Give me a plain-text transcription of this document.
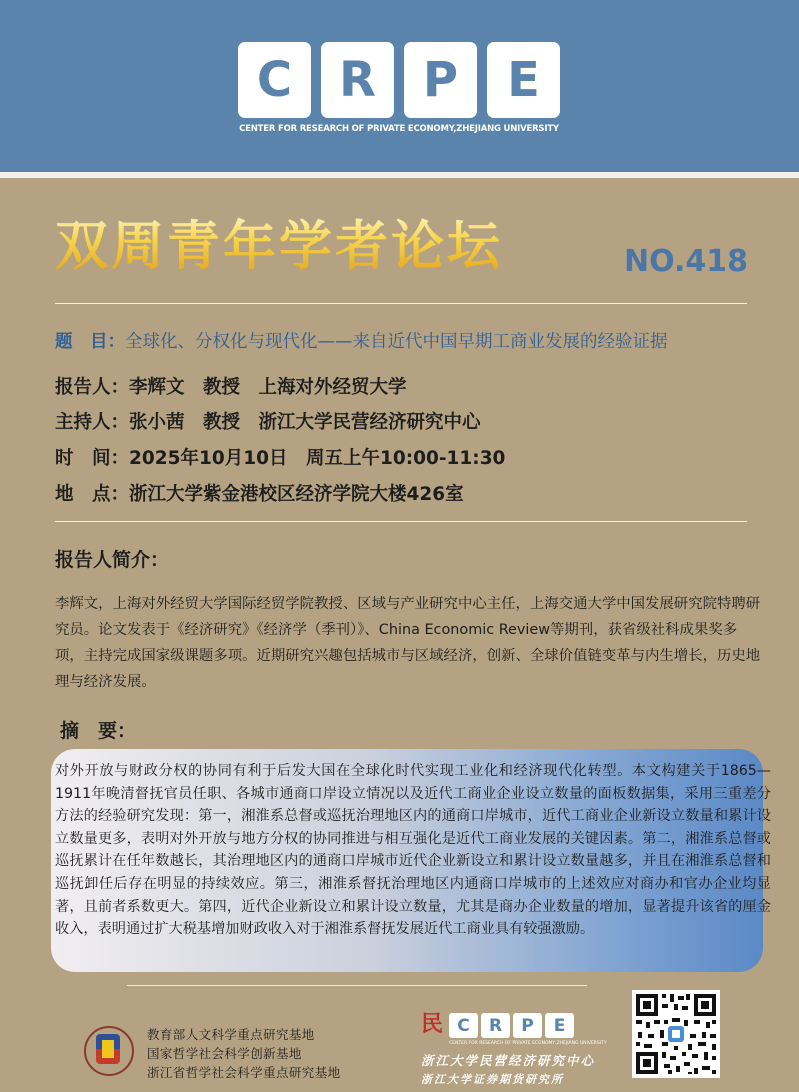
C R P	E
CENTER FOR RESEARCH OF PRIVATE ECONOMY,ZHEJIANG UNIVERSITY
双周青年学者论坛	NO.418
题　目：全球化、分权化与现代化——来自近代中国早期工商业发展的经验证据
报告人：李辉文　教授　上海对外经贸大学
主持人：张小茜　教授　浙江大学民营经济研究中心
时　间：2025年10月10日　周五上午10:00-11:30
地　点：浙江大学紫金港校区经济学院大楼426室
报告人简介：
李辉文，上海对外经贸大学国际经贸学院教授、区域与产业研究中心主任，上海交通大学中国发展研究院特聘研究员。论文发表于《经济研究》《经济学（季刊）》、China Economic Review等期刊，获省级社科成果奖多项，主持完成国家级课题多项。近期研究兴趣包括城市与区域经济，创新、全球价值链变革与内生增长，历史地理与经济发展。
摘　要：
对外开放与财政分权的协同有利于后发大国在全球化时代实现工业化和经济现代化转型。本文构建关于1865—1911年晚清督抚官员任职、各城市通商口岸设立情况以及近代工商业企业设立数量的面板数据集，采用三重差分方法的经验研究发现：第一，湘淮系总督或巡抚治理地区内的通商口岸城市，近代工商业企业新设立数量和累计设立数量更多，表明对外开放与地方分权的协同推进与相互强化是近代工商业发展的关键因素。第二，湘淮系总督或巡抚累计在任年数越长，其治理地区内的通商口岸城市近代企业新设立和累计设立数量越多，并且在湘淮系总督和巡抚卸任后存在明显的持续效应。第三，湘淮系督抚治理地区内通商口岸城市的上述效应对商办和官办企业均显著，且前者系数更大。第四，近代企业新设立和累计设立数量，尤其是商办企业数量的增加，显著提升该省的厘金收入，表明通过扩大税基增加财政收入对于湘淮系督抚发展近代工商业具有较强激励。
教育部人文科学重点研究基地
国家哲学社会科学创新基地
浙江省哲学社会科学重点研究基地
民 C	R	P	E
CENTER FOR RESEARCH OF PRIVATE ECONOMY,ZHEJIANG UNIVERSITY
浙江大学民营经济研究中心
浙江大学证券期货研究所
